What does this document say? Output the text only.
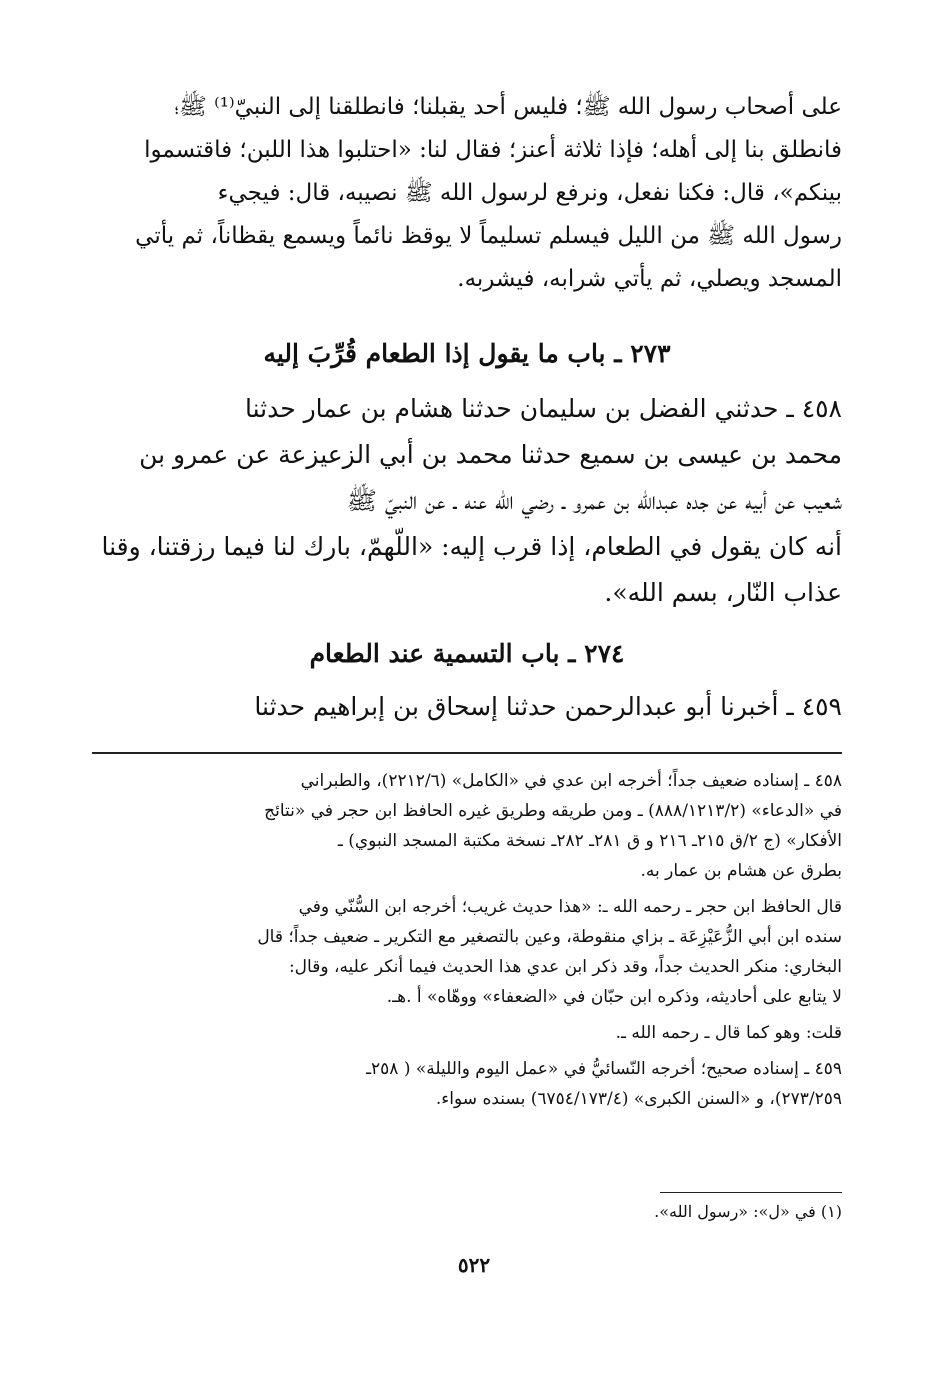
على أصحاب رسول الله ﷺ؛ فليس أحد يقبلنا؛ فانطلقنا إلى النبيّ⁽¹⁾ ﷺ؛
فانطلق بنا إلى أهله؛ فإذا ثلاثة أعنز؛ فقال لنا: «احتلبوا هذا اللبن؛ فاقتسموا
بينكم»، قال: فكنا نفعل، ونرفع لرسول الله ﷺ نصيبه، قال: فيجيء
رسول الله ﷺ من الليل فيسلم تسليماً لا يوقظ نائماً ويسمع يقظاناً، ثم يأتي
المسجد ويصلي، ثم يأتي شرابه، فيشربه.
٢٧٣ ـ باب ما يقول إذا الطعام قُرِّبَ إليه
٤٥٨ ـ حدثني الفضل بن سليمان حدثنا هشام بن عمار حدثنا
محمد بن عيسى بن سميع حدثنا محمد بن أبي الزعيزعة عن عمرو بن
شعيب عن أبيه عن جده عبدالله بن عمرو ـ رضي الله عنه ـ عن النبيّ ﷺ
أنه كان يقول في الطعام، إذا قرب إليه: «اللّهمّ، بارك لنا فيما رزقتنا، وقنا
عذاب النّار، بسم الله».
٢٧٤ ـ باب التسمية عند الطعام
٤٥٩ ـ أخبرنا أبو عبدالرحمن حدثنا إسحاق بن إبراهيم حدثنا
٤٥٨ ـ إسناده ضعيف جداً؛ أخرجه ابن عدي في «الكامل» (٢٢١٢/٦)، والطبراني
في «الدعاء» (٨٨٨/١٢١٣/٢) ـ ومن طريقه وطريق غيره الحافظ ابن حجر في «نتائج
الأفكار» (ج ٢/ق ٢١٥ـ ٢١٦ و ق ٢٨١ـ ٢٨٢ـ نسخة مكتبة المسجد النبوي) ـ
بطرق عن هشام بن عمار به.
قال الحافظ ابن حجر ـ رحمه الله ـ: «هذا حديث غريب؛ أخرجه ابن السُّنّي وفي
سنده ابن أبي الزُّعَيْزِعَة ـ بزاي منقوطة، وعين بالتصغير مع التكرير ـ ضعيف جداً؛ قال
البخاري: منكر الحديث جداً، وقد ذكر ابن عدي هذا الحديث فيما أنكر عليه، وقال:
لا يتابع على أحاديثه، وذكره ابن حبّان في «الضعفاء» ووهّاه» أ .هـ.
قلت: وهو كما قال ـ رحمه الله ـ.
٤٥٩ ـ إسناده صحيح؛ أخرجه النّسائيُّ في «عمل اليوم والليلة» ( ٢٥٨ـ
٢٧٣/٢٥٩)، و «السنن الكبرى» (٦٧٥٤/١٧٣/٤) بسنده سواء.
(١) في «ل»: «رسول الله».
٥٢٢
